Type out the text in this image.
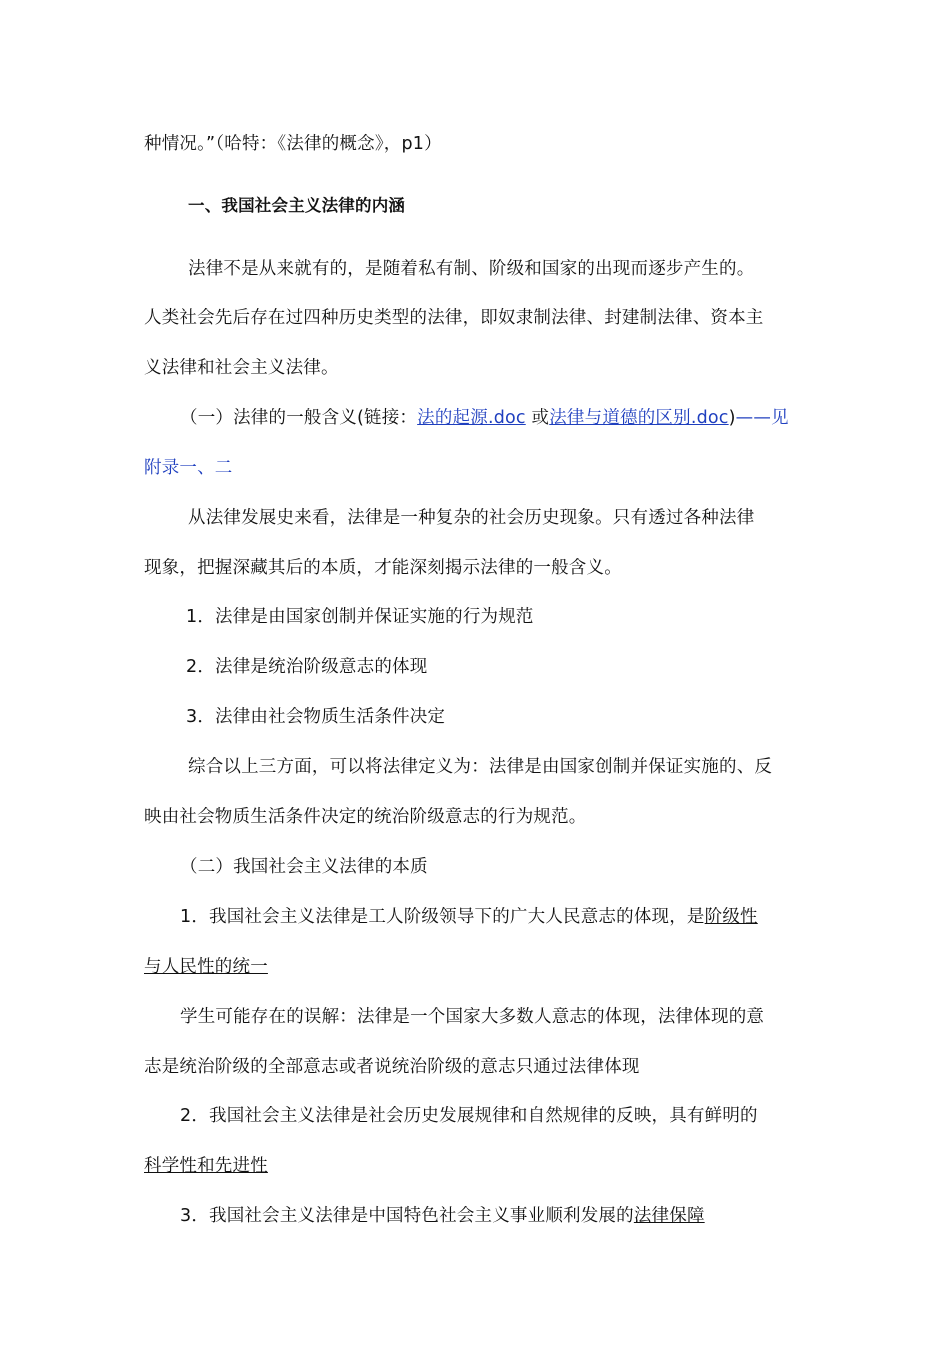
种情况。”（哈特：《法律的概念》，p1）
一、我国社会主义法律的内涵
法律不是从来就有的，是随着私有制、阶级和国家的出现而逐步产生的。
人类社会先后存在过四种历史类型的法律，即奴隶制法律、封建制法律、资本主
义法律和社会主义法律。
（一）法律的一般含义(链接：法的起源.doc 或法律与道德的区别.doc)——见
附录一、二
从法律发展史来看，法律是一种复杂的社会历史现象。只有透过各种法律
现象，把握深藏其后的本质，才能深刻揭示法律的一般含义。
1．法律是由国家创制并保证实施的行为规范
2．法律是统治阶级意志的体现
3．法律由社会物质生活条件决定
综合以上三方面，可以将法律定义为：法律是由国家创制并保证实施的、反
映由社会物质生活条件决定的统治阶级意志的行为规范。
（二）我国社会主义法律的本质
1．我国社会主义法律是工人阶级领导下的广大人民意志的体现，是阶级性
与人民性的统一
学生可能存在的误解：法律是一个国家大多数人意志的体现，法律体现的意
志是统治阶级的全部意志或者说统治阶级的意志只通过法律体现
2．我国社会主义法律是社会历史发展规律和自然规律的反映，具有鲜明的
科学性和先进性
3．我国社会主义法律是中国特色社会主义事业顺利发展的法律保障
